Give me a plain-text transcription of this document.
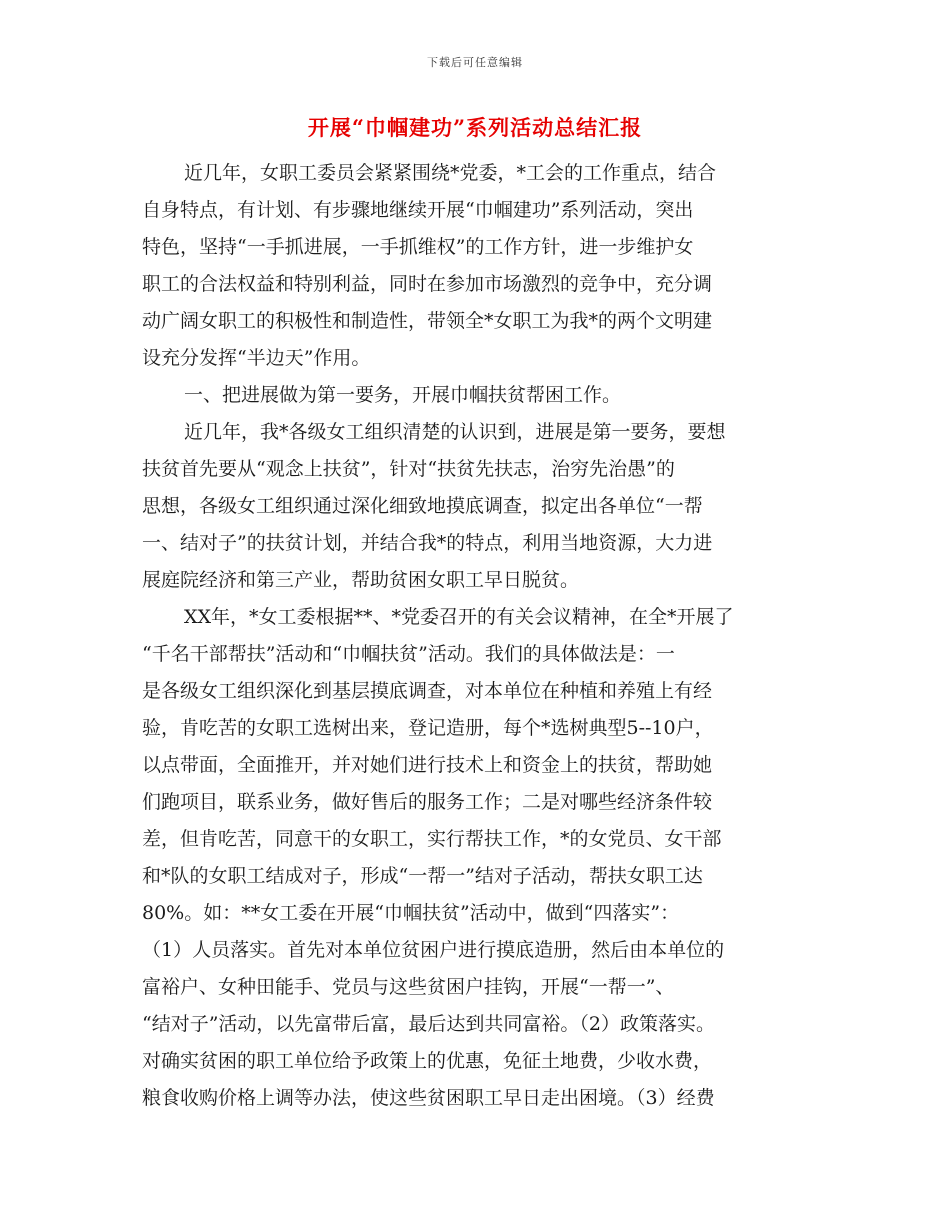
下载后可任意编辑
开展“巾帼建功”系列活动总结汇报
近几年，女职工委员会紧紧围绕*党委，*工会的工作重点，结合
自身特点，有计划、有步骤地继续开展“巾帼建功”系列活动，突出
特色，坚持“一手抓进展，一手抓维权”的工作方针，进一步维护女
职工的合法权益和特别利益，同时在参加市场激烈的竞争中，充分调
动广阔女职工的积极性和制造性，带领全*女职工为我*的两个文明建
设充分发挥“半边天”作用。
一、把进展做为第一要务，开展巾帼扶贫帮困工作。
近几年，我*各级女工组织清楚的认识到，进展是第一要务，要想
扶贫首先要从“观念上扶贫”，针对“扶贫先扶志，治穷先治愚”的
思想，各级女工组织通过深化细致地摸底调查，拟定出各单位“一帮
一、结对子”的扶贫计划，并结合我*的特点，利用当地资源，大力进
展庭院经济和第三产业，帮助贫困女职工早日脱贫。
XX年，*女工委根据**、*党委召开的有关会议精神，在全*开展了
“千名干部帮扶”活动和“巾帼扶贫”活动。我们的具体做法是：一
是各级女工组织深化到基层摸底调查，对本单位在种植和养殖上有经
验，肯吃苦的女职工选树出来，登记造册，每个*选树典型5--10户，
以点带面，全面推开，并对她们进行技术上和资金上的扶贫，帮助她
们跑项目，联系业务，做好售后的服务工作；二是对哪些经济条件较
差，但肯吃苦，同意干的女职工，实行帮扶工作，*的女党员、女干部
和*队的女职工结成对子，形成“一帮一”结对子活动，帮扶女职工达
80%。如：**女工委在开展“巾帼扶贫”活动中，做到“四落实”：
（1）人员落实。首先对本单位贫困户进行摸底造册，然后由本单位的
富裕户、女种田能手、党员与这些贫困户挂钩，开展“一帮一”、
“结对子”活动，以先富带后富，最后达到共同富裕。（2）政策落实。
对确实贫困的职工单位给予政策上的优惠，免征土地费，少收水费，
粮食收购价格上调等办法，使这些贫困职工早日走出困境。（3）经费
